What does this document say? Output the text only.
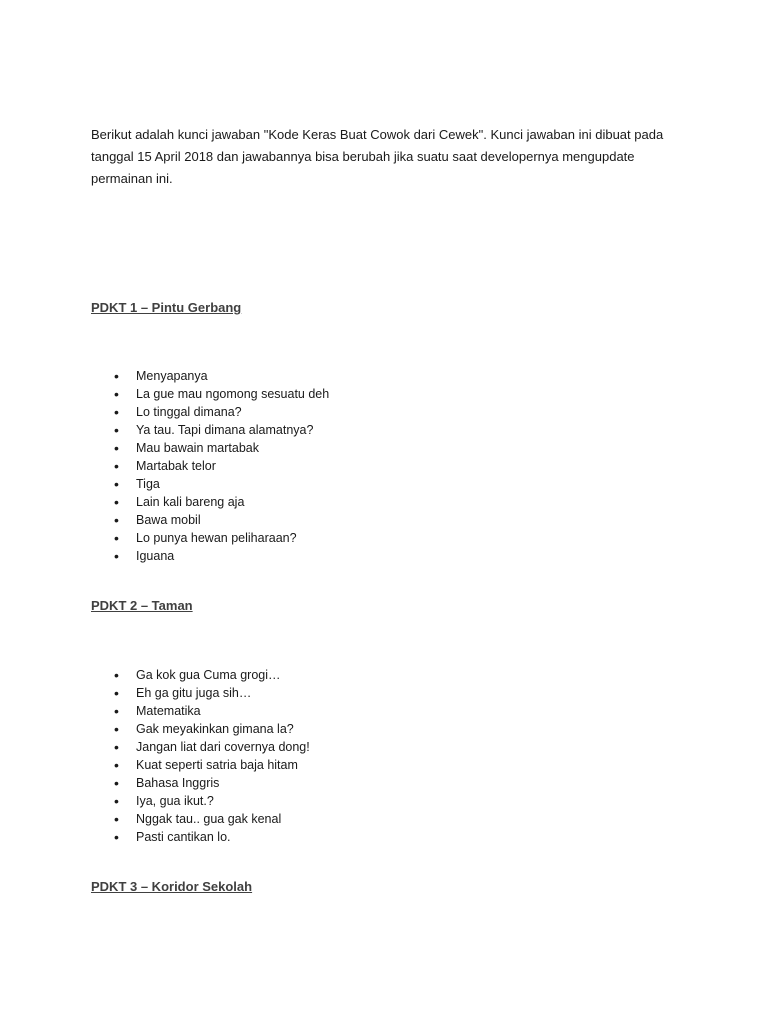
Berikut adalah kunci jawaban "Kode Keras Buat Cowok dari Cewek". Kunci jawaban ini dibuat pada tanggal 15 April 2018 dan jawabannya bisa berubah jika suatu saat developernya mengupdate permainan ini.

PDKT 1 – Pintu Gerbang

• Menyapanya
• La gue mau ngomong sesuatu deh
• Lo tinggal dimana?
• Ya tau. Tapi dimana alamatnya?
• Mau bawain martabak
• Martabak telor
• Tiga
• Lain kali bareng aja
• Bawa mobil
• Lo punya hewan peliharaan?
• Iguana

PDKT 2 – Taman

• Ga kok gua Cuma grogi…
• Eh ga gitu juga sih…
• Matematika
• Gak meyakinkan gimana la?
• Jangan liat dari covernya dong!
• Kuat seperti satria baja hitam
• Bahasa Inggris
• Iya, gua ikut.?
• Nggak tau.. gua gak kenal
• Pasti cantikan lo.

PDKT 3 – Koridor Sekolah
